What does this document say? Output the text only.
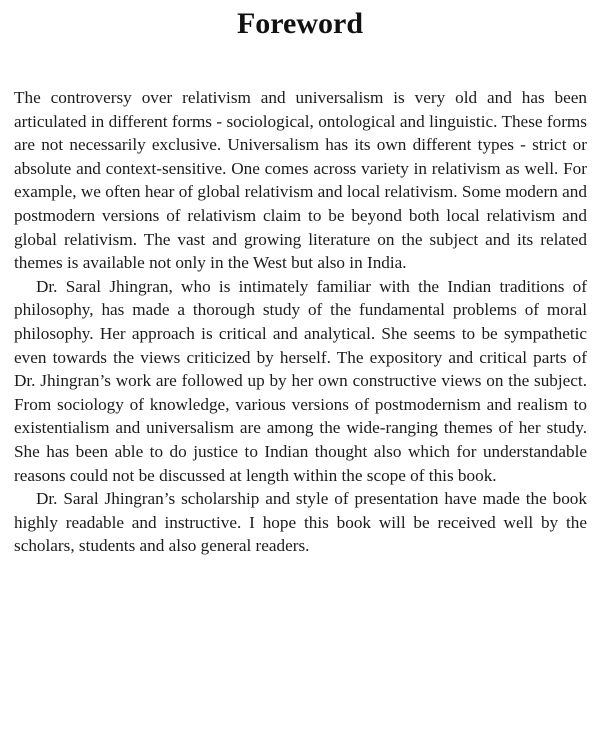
Foreword

The controversy over relativism and universalism is very old and has been articulated in different forms - sociological, ontological and linguistic. These forms are not necessarily exclusive. Universalism has its own different types - strict or absolute and context-sensitive. One comes across variety in relativism as well. For example, we often hear of global relativism and local relativism. Some modern and postmodern versions of relativism claim to be beyond both local relativism and global relativism. The vast and growing literature on the subject and its related themes is available not only in the West but also in India.

Dr. Saral Jhingran, who is intimately familiar with the Indian traditions of philosophy, has made a thorough study of the fundamental problems of moral philosophy. Her approach is critical and analytical. She seems to be sympathetic even towards the views criticized by herself. The expository and critical parts of Dr. Jhingran’s work are followed up by her own constructive views on the subject. From sociology of knowledge, various versions of postmodernism and realism to existentialism and universalism are among the wide-ranging themes of her study. She has been able to do justice to Indian thought also which for understandable reasons could not be discussed at length within the scope of this book.

Dr. Saral Jhingran’s scholarship and style of presentation have made the book highly readable and instructive. I hope this book will be received well by the scholars, students and also general readers.
